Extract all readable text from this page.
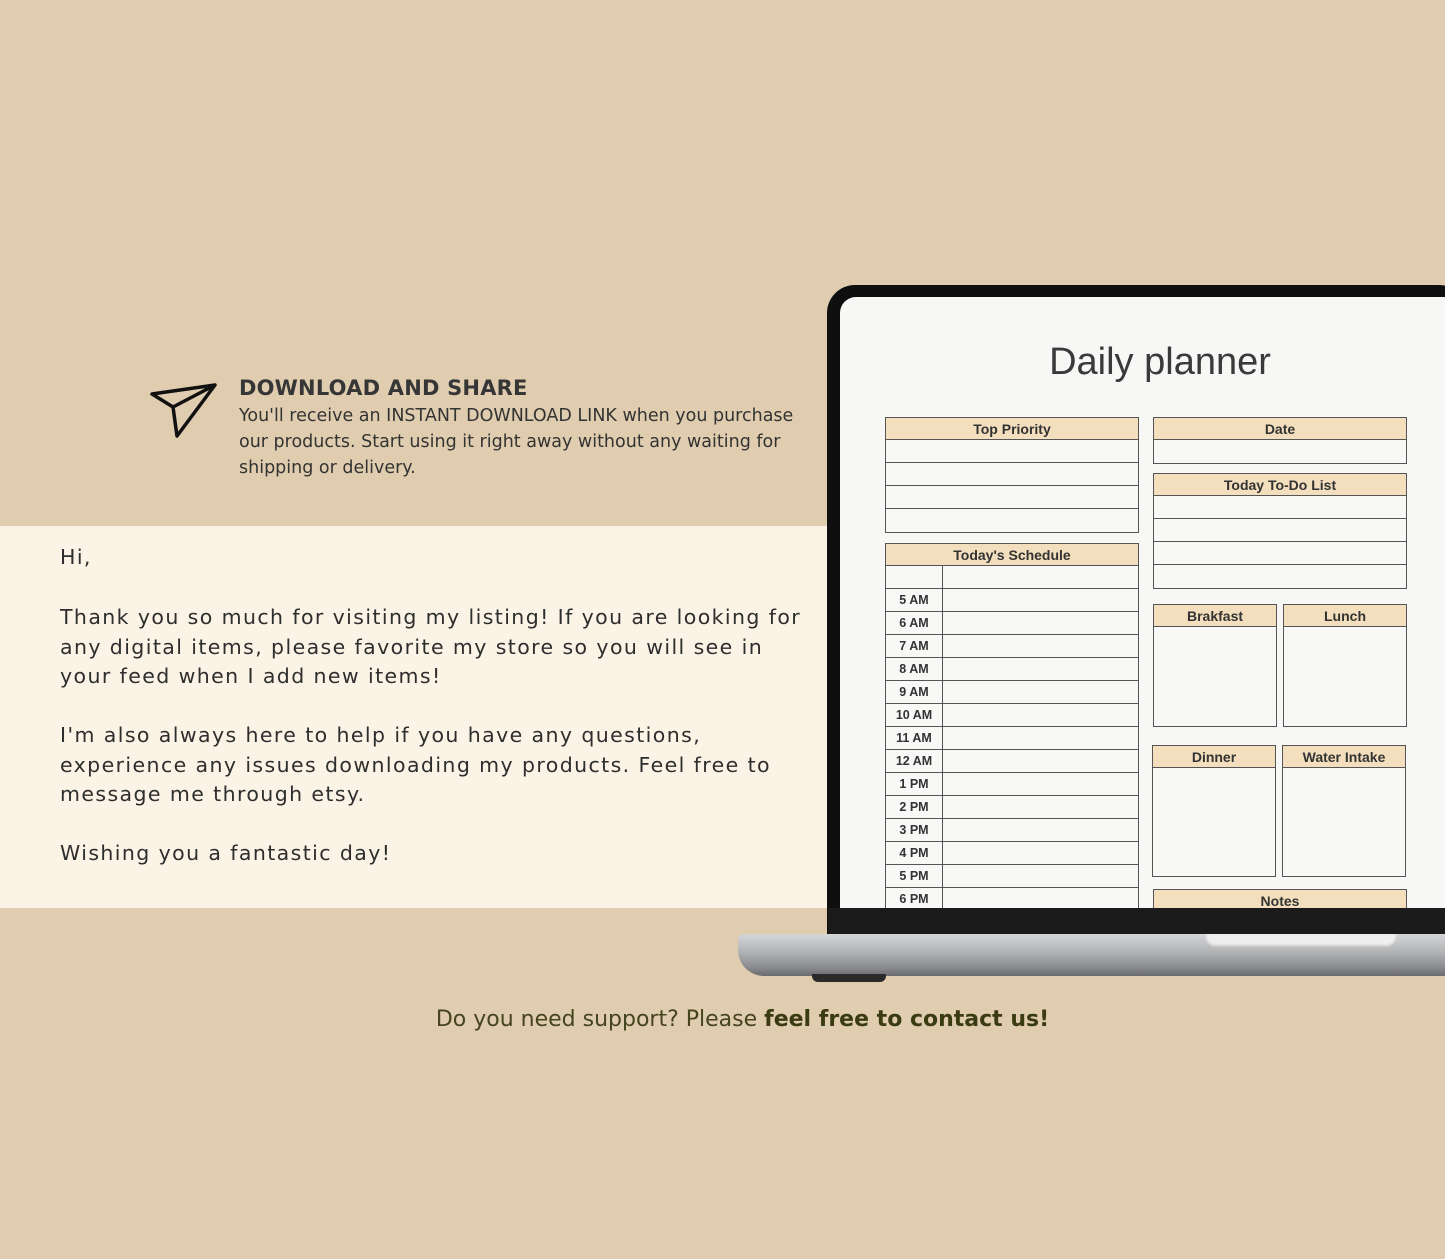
DOWNLOAD AND SHARE
You'll receive an INSTANT DOWNLOAD LINK when you purchase our products. Start using it right away without any waiting for shipping or delivery.

Hi,

Thank you so much for visiting my listing! If you are looking for any digital items, please favorite my store so you will see in your feed when I add new items!

I'm also always here to help if you have any questions, experience any issues downloading my products. Feel free to message me through etsy.

Wishing you a fantastic day!

Daily planner
Top Priority	Date
Today To-Do List
Today's Schedule
5 AM
6 AM
7 AM
8 AM
9 AM
10 AM
11 AM
12 AM
1 PM
2 PM
3 PM
4 PM
5 PM
6 PM
Brakfast	Lunch
Dinner	Water Intake
Notes
Do you need support? Please feel free to contact us!
